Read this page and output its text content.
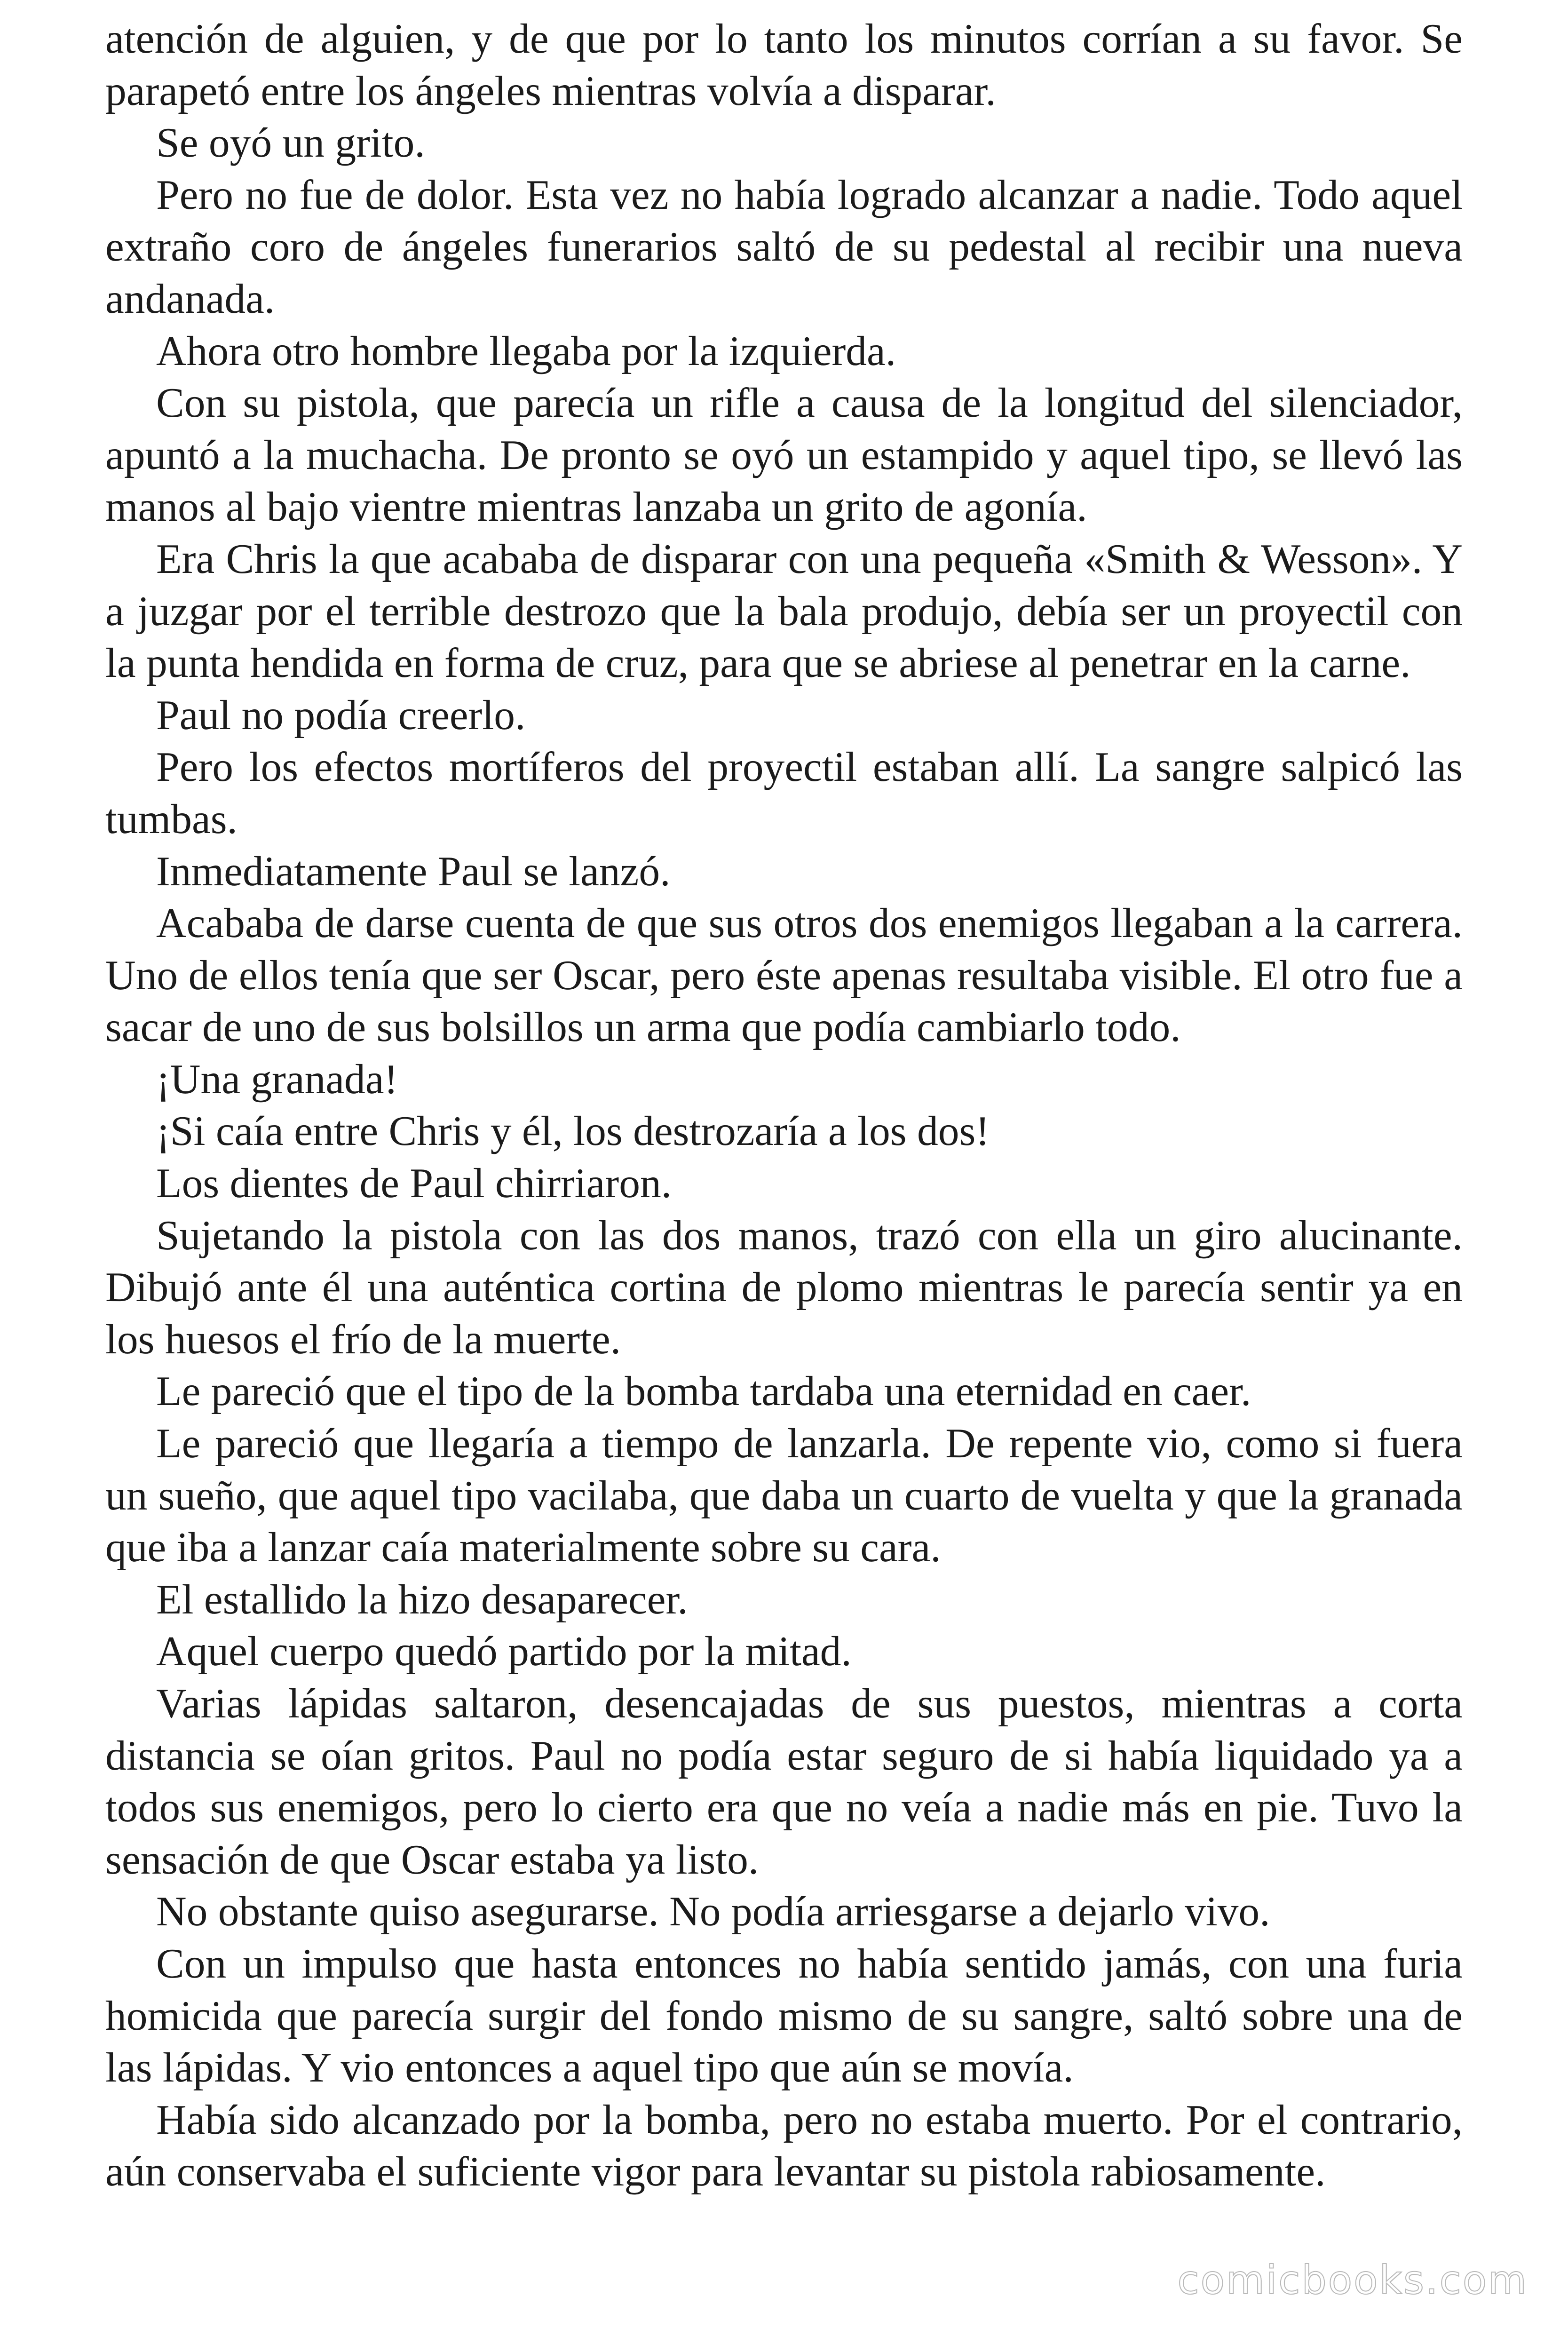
atención de alguien, y de que por lo tanto los minutos corrían a su favor. Se parapetó entre los ángeles mientras volvía a disparar.

Se oyó un grito.

Pero no fue de dolor. Esta vez no había logrado alcanzar a nadie. Todo aquel extraño coro de ángeles funerarios saltó de su pedestal al recibir una nueva andanada.

Ahora otro hombre llegaba por la izquierda.

Con su pistola, que parecía un rifle a causa de la longitud del silenciador, apuntó a la muchacha. De pronto se oyó un estampido y aquel tipo, se llevó las manos al bajo vientre mientras lanzaba un grito de agonía.

Era Chris la que acababa de disparar con una pequeña «Smith & Wesson». Y a juzgar por el terrible destrozo que la bala produjo, debía ser un proyectil con la punta hendida en forma de cruz, para que se abriese al penetrar en la carne.

Paul no podía creerlo.

Pero los efectos mortíferos del proyectil estaban allí. La sangre salpicó las tumbas.

Inmediatamente Paul se lanzó.

Acababa de darse cuenta de que sus otros dos enemigos llegaban a la carrera. Uno de ellos tenía que ser Oscar, pero éste apenas resultaba visible. El otro fue a sacar de uno de sus bolsillos un arma que podía cambiarlo todo.

¡Una granada!

¡Si caía entre Chris y él, los destrozaría a los dos!

Los dientes de Paul chirriaron.

Sujetando la pistola con las dos manos, trazó con ella un giro alucinante. Dibujó ante él una auténtica cortina de plomo mientras le parecía sentir ya en los huesos el frío de la muerte.

Le pareció que el tipo de la bomba tardaba una eternidad en caer.

Le pareció que llegaría a tiempo de lanzarla. De repente vio, como si fuera un sueño, que aquel tipo vacilaba, que daba un cuarto de vuelta y que la granada que iba a lanzar caía materialmente sobre su cara.

El estallido la hizo desaparecer.

Aquel cuerpo quedó partido por la mitad.

Varias lápidas saltaron, desencajadas de sus puestos, mientras a corta distancia se oían gritos. Paul no podía estar seguro de si había liquidado ya a todos sus enemigos, pero lo cierto era que no veía a nadie más en pie. Tuvo la sensación de que Oscar estaba ya listo.

No obstante quiso asegurarse. No podía arriesgarse a dejarlo vivo.

Con un impulso que hasta entonces no había sentido jamás, con una furia homicida que parecía surgir del fondo mismo de su sangre, saltó sobre una de las lápidas. Y vio entonces a aquel tipo que aún se movía.

Había sido alcanzado por la bomba, pero no estaba muerto. Por el contrario, aún conservaba el suficiente vigor para levantar su pistola rabiosamente.

comicbooks.com
